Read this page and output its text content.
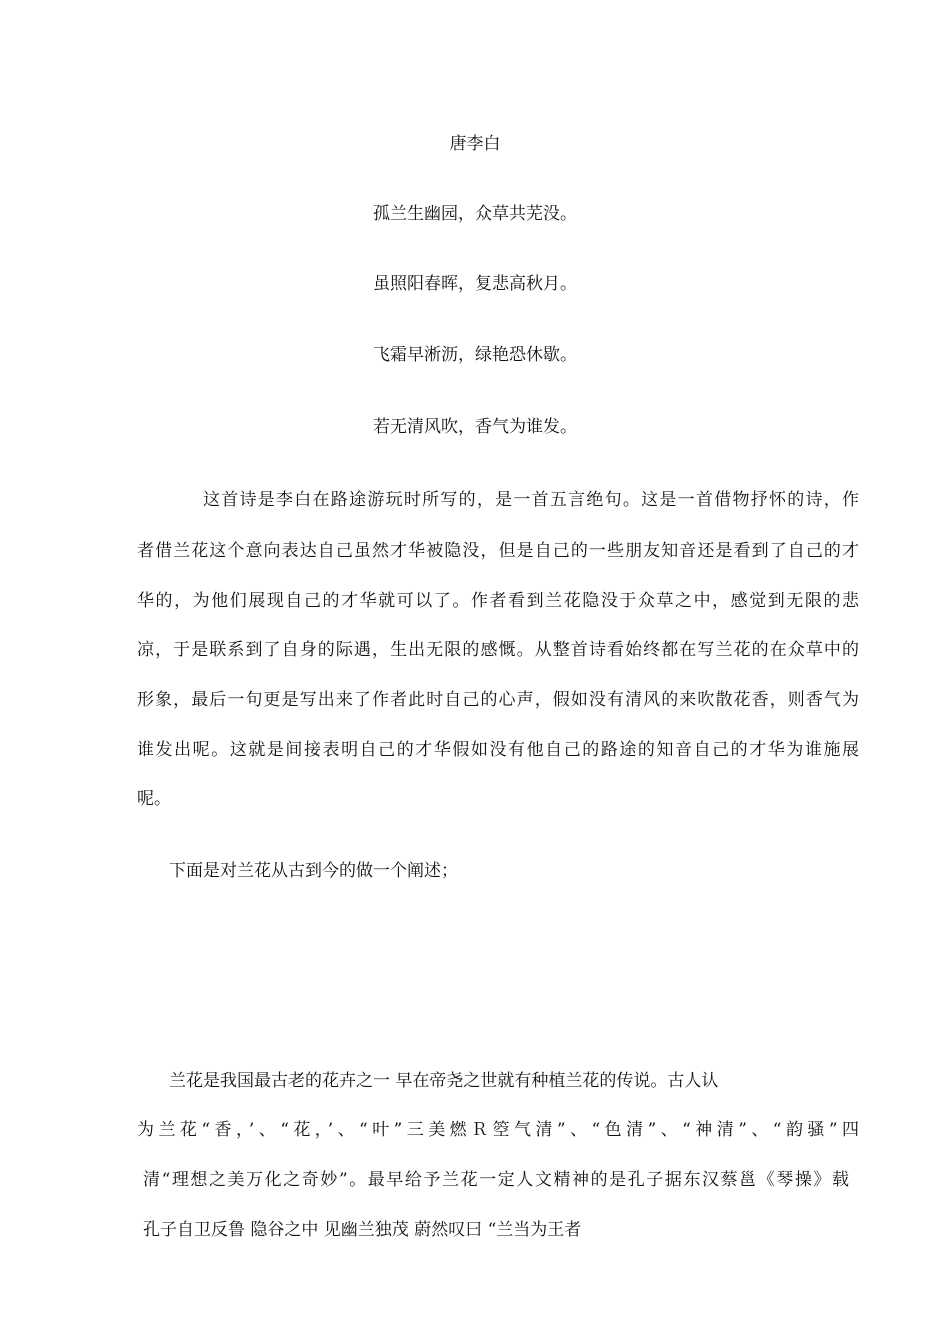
唐李白
孤兰生幽园，众草共芜没。
虽照阳春晖，复悲高秋月。
飞霜早淅沥，绿艳恐休歇。
若无清风吹，香气为谁发。
这首诗是李白在路途游玩时所写的，是一首五言绝句。这是一首借物抒怀的诗，作
者借兰花这个意向表达自己虽然才华被隐没，但是自己的一些朋友知音还是看到了自己的才
华的，为他们展现自己的才华就可以了。作者看到兰花隐没于众草之中，感觉到无限的悲
凉，于是联系到了自身的际遇，生出无限的感慨。从整首诗看始终都在写兰花的在众草中的
形象，最后一句更是写出来了作者此时自己的心声，假如没有清风的来吹散花香，则香气为
谁发出呢。这就是间接表明自己的才华假如没有他自己的路途的知音自己的才华为谁施展
呢。
下面是对兰花从古到今的做一个阐述；
兰花是我国最古老的花卉之一 早在帝尧之世就有种植兰花的传说。古人认
为兰花“香，’、“花，’、“叶”三美燃Ｒ箜气清”、“色清”、“神清”、“韵骚”四
清“理想之美万化之奇妙”。最早给予兰花一定人文精神的是孔子据东汉蔡邕《琴操》载
孔子自卫反鲁 隐谷之中 见幽兰独茂 蔚然叹曰 “兰当为王者
